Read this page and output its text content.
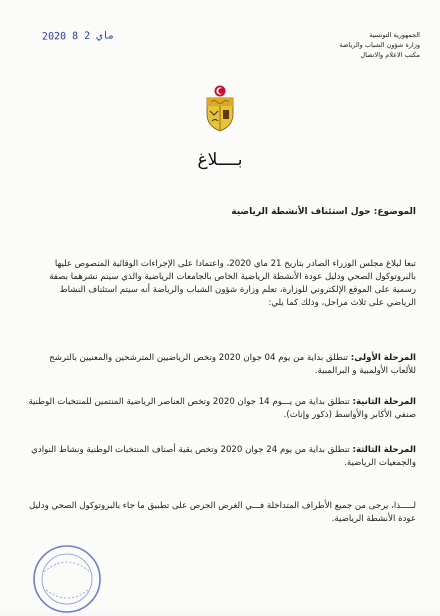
2020 ماي 2 8	الجمهورية التونسية
وزارة شؤون الشباب والرياضة
مكتب الاعلام والاتصال
بــــلاغ
الموضوع: حول استئناف الأنشطة الرياضية
تبعا لبلاغ مجلس الوزراء الصادر بتاريخ 21 ماي 2020، واعتمادا على الإجراءات الوقائية المنصوص عليها بالبروتوكول الصحي ودليل عودة الأنشطة الرياضية الخاص بالجامعات الرياضية والذي سيتم نشرهما بصفة رسمية على الموقع الإلكتروني للوزارة، تعلم وزارة شؤون الشباب والرياضة أنه سيتم استئناف النشاط الرياضي على ثلاث مراحل، وذلك كما يلي:
المرحلة الأولى: تنطلق بداية من يوم 04 جوان 2020 وتخص الرياضيين المترشحين والمعنيين بالترشح للألعاب الأولمبية و البرالمبية.
المرحلة الثانية: تنطلق بداية من يـــوم 14 جوان 2020 وتخص العناصر الرياضية المنتمين للمنتخبات الوطنية صنفي الأكابر والأواسط (ذكور وإناث).
المرحلة الثالثة: تنطلق بداية من يوم 24 جوان 2020 وتخص بقية أصناف المنتخبات الوطنية ونشاط النوادي والجمعيات الرياضية.
لـــــذا، يرجى من جميع الأطراف المتداخلة فـــي الغرض الحرص على تطبيق ما جاء بالبروتوكول الصحي ودليل عودة الأنشطة الرياضية.
